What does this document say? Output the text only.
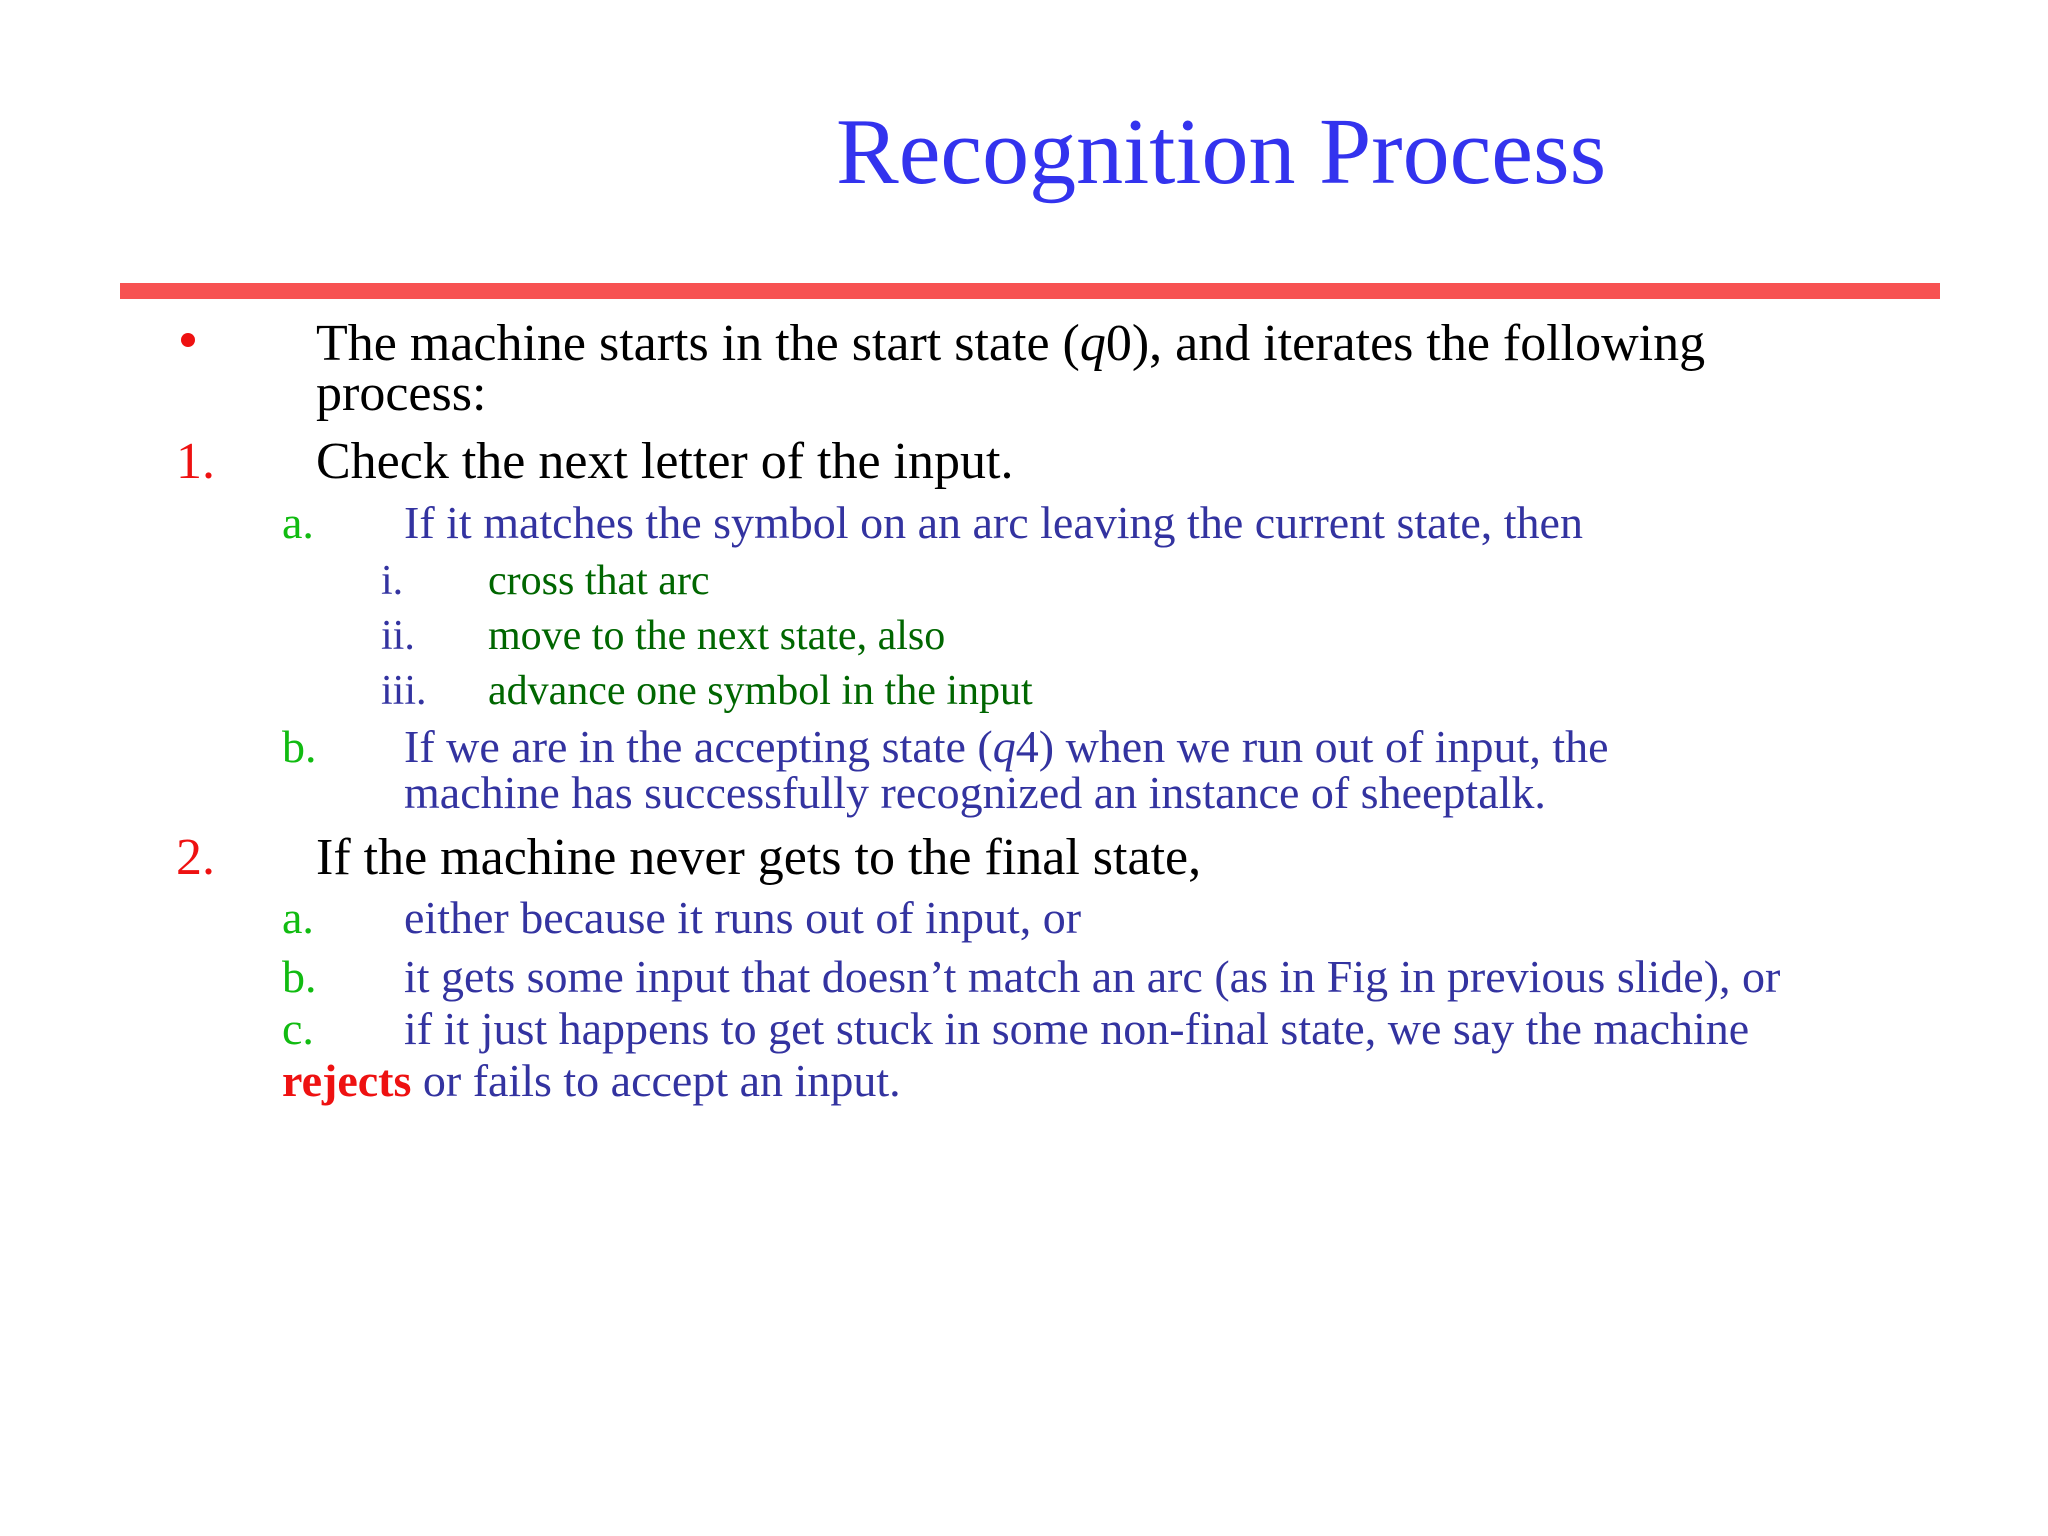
Recognition Process
The machine starts in the start state (q0), and iterates the following
process:
1. Check the next letter of the input.
a. If it matches the symbol on an arc leaving the current state, then
i. cross that arc
ii. move to the next state, also
iii. advance one symbol in the input
b. If we are in the accepting state (q4) when we run out of input, the
machine has successfully recognized an instance of sheeptalk.
2. If the machine never gets to the final state,
a. either because it runs out of input, or
b. it gets some input that doesn’t match an arc (as in Fig in previous slide), or
c. if it just happens to get stuck in some non-final state, we say the machine
rejects or fails to accept an input.
